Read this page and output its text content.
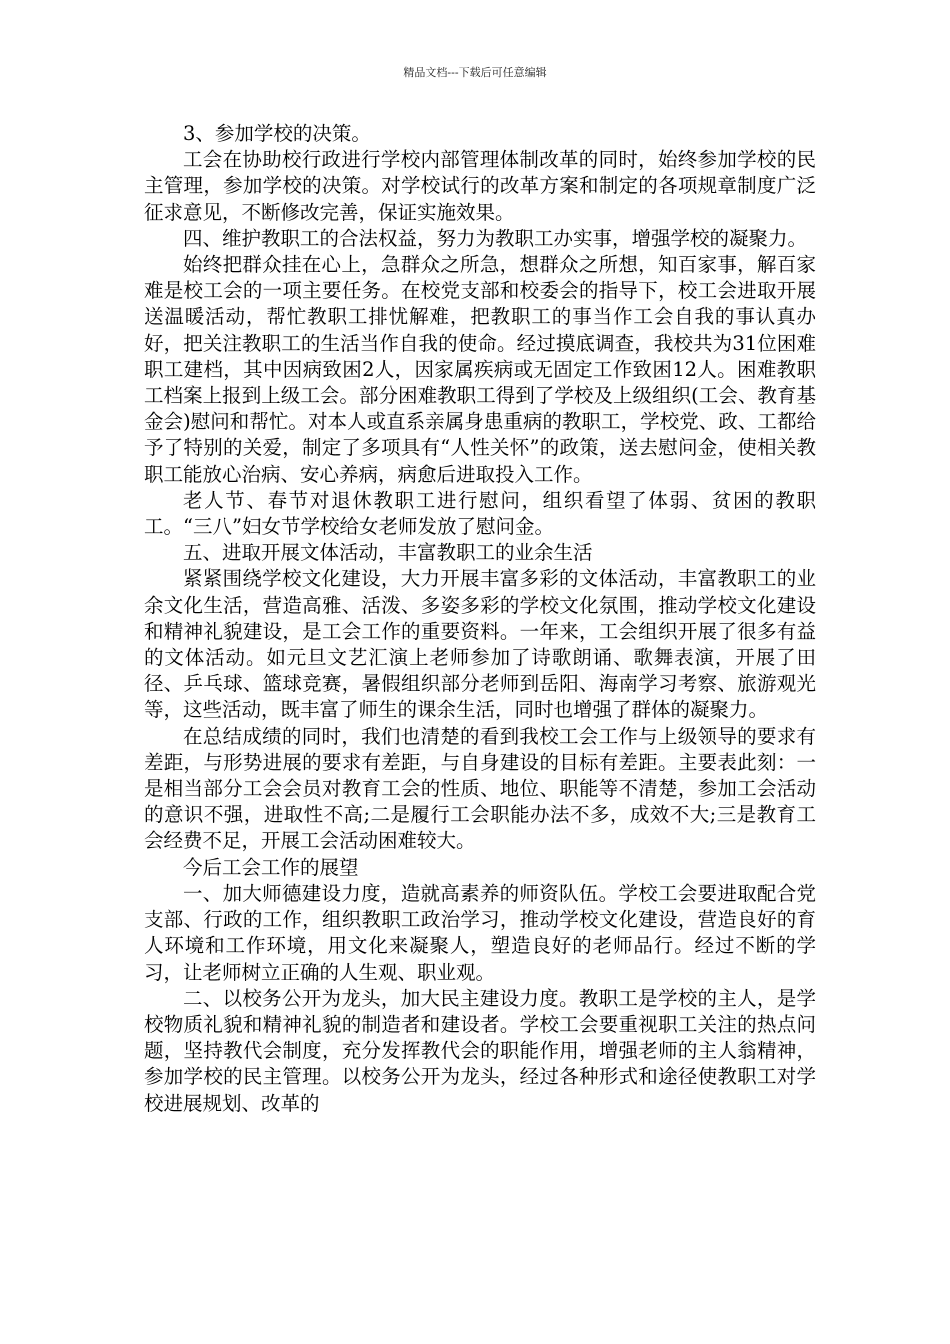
精品文档---下载后可任意编辑

3、参加学校的决策。

工会在协助校行政进行学校内部管理体制改革的同时，始终参加学校的民主管理，参加学校的决策。对学校试行的改革方案和制定的各项规章制度广泛征求意见，不断修改完善，保证实施效果。

四、维护教职工的合法权益，努力为教职工办实事，增强学校的凝聚力。

始终把群众挂在心上，急群众之所急，想群众之所想，知百家事，解百家难是校工会的一项主要任务。在校党支部和校委会的指导下，校工会进取开展送温暖活动，帮忙教职工排忧解难，把教职工的事当作工会自我的事认真办好，把关注教职工的生活当作自我的使命。经过摸底调查，我校共为31位困难职工建档，其中因病致困2人，因家属疾病或无固定工作致困12人。困难教职工档案上报到上级工会。部分困难教职工得到了学校及上级组织(工会、教育基金会)慰问和帮忙。对本人或直系亲属身患重病的教职工，学校党、政、工都给予了特别的关爱，制定了多项具有“人性关怀”的政策，送去慰问金，使相关教职工能放心治病、安心养病，病愈后进取投入工作。

老人节、春节对退休教职工进行慰问，组织看望了体弱、贫困的教职工。“三八”妇女节学校给女老师发放了慰问金。

五、进取开展文体活动，丰富教职工的业余生活

紧紧围绕学校文化建设，大力开展丰富多彩的文体活动，丰富教职工的业余文化生活，营造高雅、活泼、多姿多彩的学校文化氛围，推动学校文化建设和精神礼貌建设，是工会工作的重要资料。一年来，工会组织开展了很多有益的文体活动。如元旦文艺汇演上老师参加了诗歌朗诵、歌舞表演，开展了田径、乒乓球、篮球竞赛，暑假组织部分老师到岳阳、海南学习考察、旅游观光等，这些活动，既丰富了师生的课余生活，同时也增强了群体的凝聚力。

在总结成绩的同时，我们也清楚的看到我校工会工作与上级领导的要求有差距，与形势进展的要求有差距，与自身建设的目标有差距。主要表此刻：一是相当部分工会会员对教育工会的性质、地位、职能等不清楚，参加工会活动的意识不强，进取性不高;二是履行工会职能办法不多，成效不大;三是教育工会经费不足，开展工会活动困难较大。

今后工会工作的展望

一、加大师德建设力度，造就高素养的师资队伍。学校工会要进取配合党支部、行政的工作，组织教职工政治学习，推动学校文化建设，营造良好的育人环境和工作环境，用文化来凝聚人，塑造良好的老师品行。经过不断的学习，让老师树立正确的人生观、职业观。

二、以校务公开为龙头，加大民主建设力度。教职工是学校的主人，是学校物质礼貌和精神礼貌的制造者和建设者。学校工会要重视职工关注的热点问题，坚持教代会制度，充分发挥教代会的职能作用，增强老师的主人翁精神，参加学校的民主管理。以校务公开为龙头，经过各种形式和途径使教职工对学校进展规划、改革的
